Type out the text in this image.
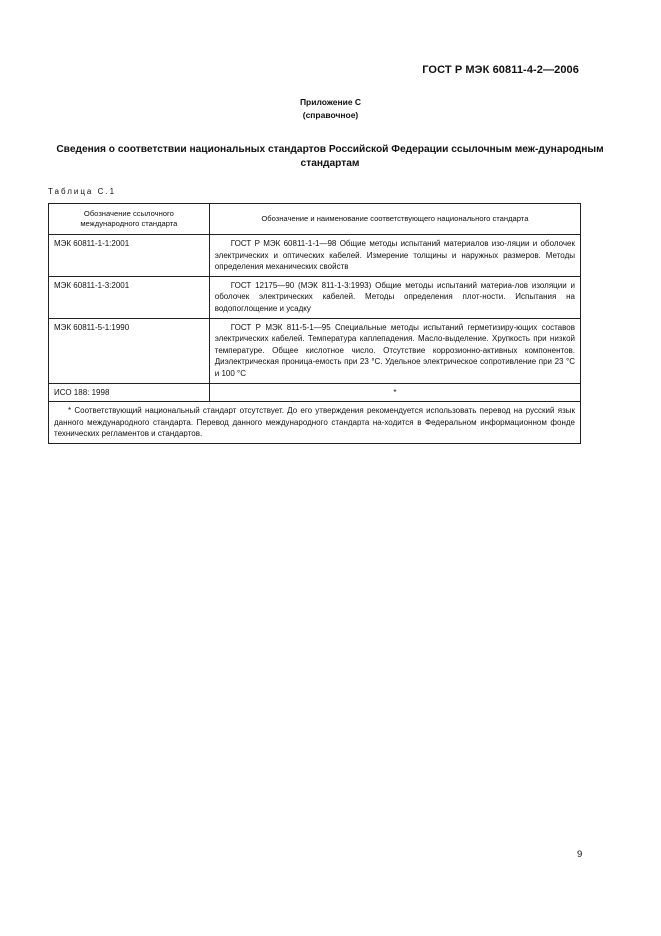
ГОСТ Р МЭК 60811-4-2—2006
Приложение С
(справочное)
Сведения о соответствии национальных стандартов Российской Федерации ссылочным меж-дународным стандартам
Таблица С.1
Обозначение ссылочного международного стандарта	Обозначение и наименование соответствующего национального стандарта
МЭК 60811-1-1:2001	ГОСТ Р МЭК 60811-1-1—98 Общие методы испытаний материалов изо-ляции и оболочек электрических и оптических кабелей. Измерение толщины и наружных размеров. Методы определения механических свойств
МЭК 60811-1-3:2001	ГОСТ 12175—90 (МЭК 811-1-3:1993) Общие методы испытаний материа-лов изоляции и оболочек электрических кабелей. Методы определения плот-ности. Испытания на водопоглощение и усадку
МЭК 60811-5-1:1990	ГОСТ Р МЭК 811-5-1—95 Специальные методы испытаний герметизиру-ющих составов электрических кабелей. Температура каплепадения. Масло-выделение. Хрупкость при низкой температуре. Общее кислотное число. Отсутствие коррозионно-активных компонентов. Диэлектрическая проница-емость при 23 °С. Удельное электрическое сопротивление при 23 °С и 100 °С
ИСО 188: 1998	*
* Соответствующий национальный стандарт отсутствует. До его утверждения рекомендуется использовать перевод на русский язык данного международного стандарта. Перевод данного международного стандарта на-ходится в Федеральном информационном фонде технических регламентов и стандартов.	
9
